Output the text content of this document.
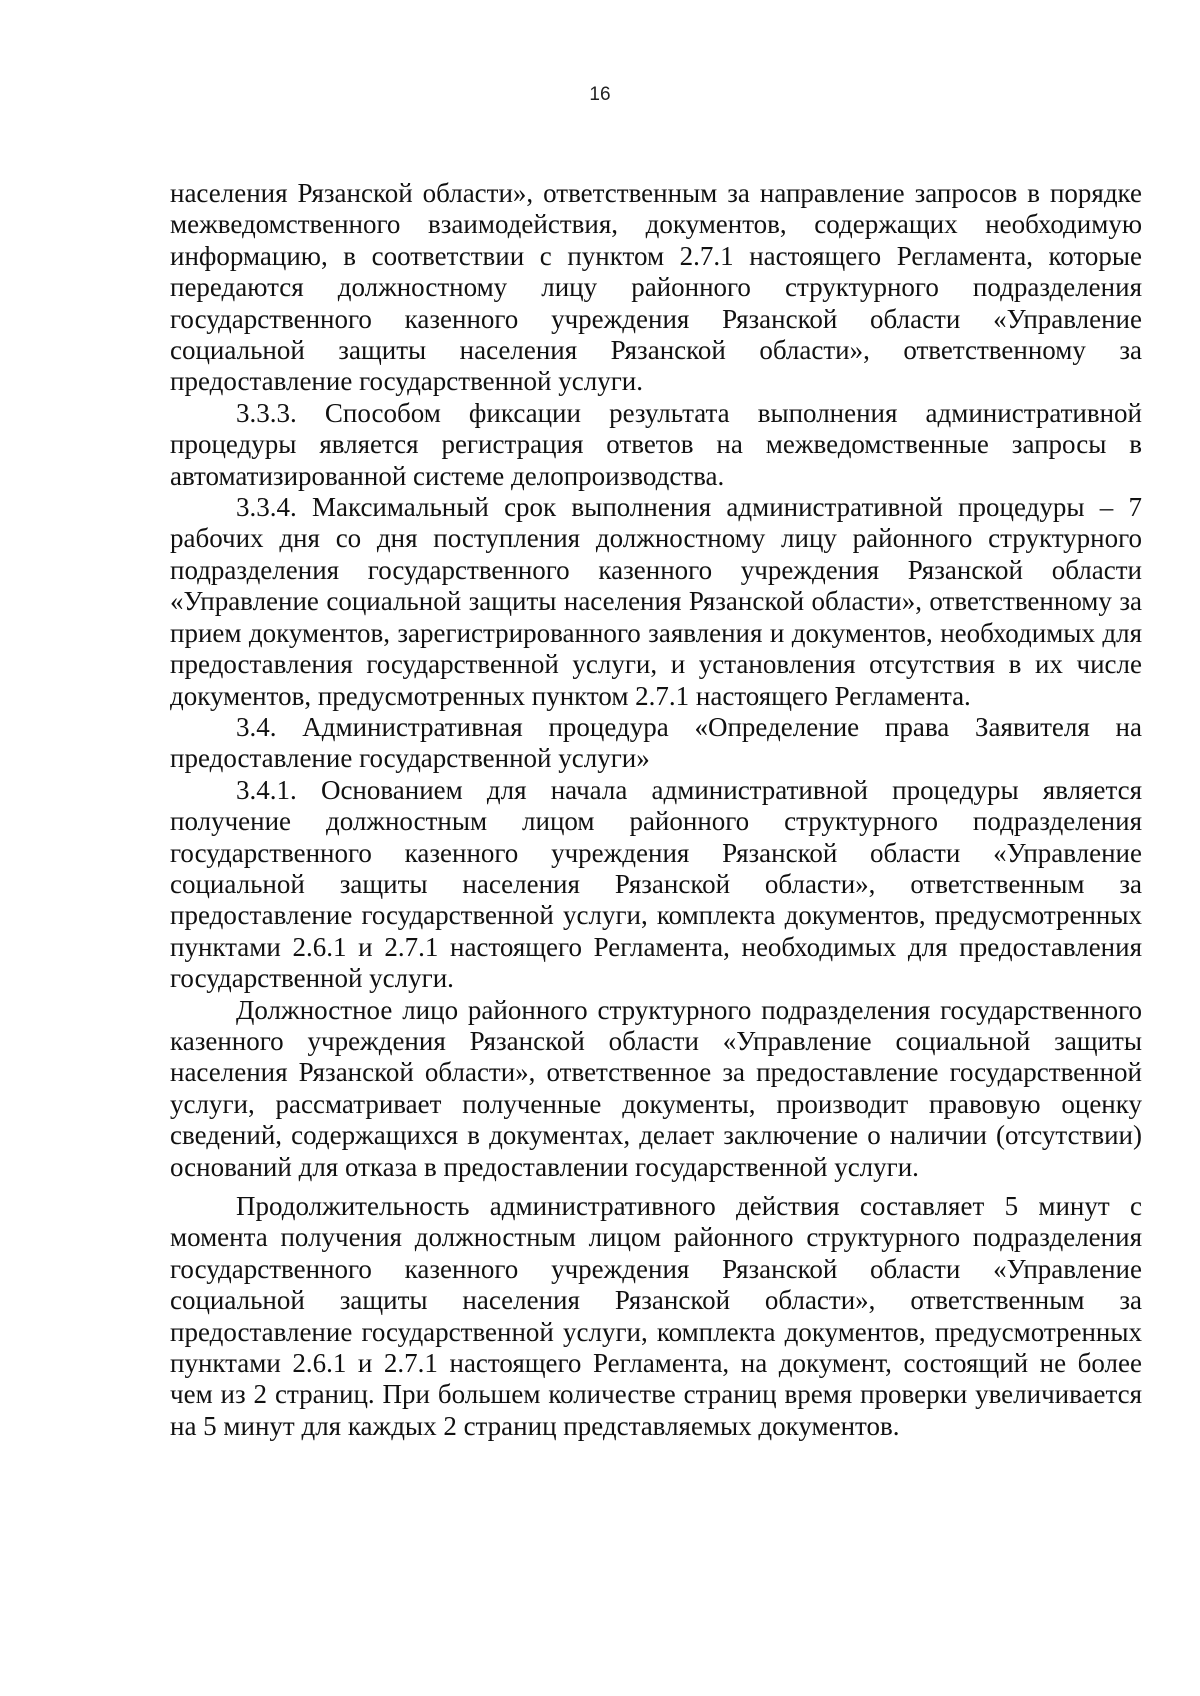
16

населения Рязанской области», ответственным за направление запросов в порядке межведомственного взаимодействия, документов, содержащих необходимую информацию, в соответствии с пунктом 2.7.1 настоящего Регламента, которые передаются должностному лицу районного структурного подразделения государственного казенного учреждения Рязанской области «Управление социальной защиты населения Рязанской области», ответственному за предоставление государственной услуги.

3.3.3. Способом фиксации результата выполнения административной процедуры является регистрация ответов на межведомственные запросы в автоматизированной системе делопроизводства.

3.3.4. Максимальный срок выполнения административной процедуры – 7 рабочих дня со дня поступления должностному лицу районного структурного подразделения государственного казенного учреждения Рязанской области «Управление социальной защиты населения Рязанской области», ответственному за прием документов, зарегистрированного заявления и документов, необходимых для предоставления государственной услуги, и установления отсутствия в их числе документов, предусмотренных пунктом 2.7.1 настоящего Регламента.

3.4. Административная процедура «Определение права Заявителя на предоставление государственной услуги»

3.4.1. Основанием для начала административной процедуры является получение должностным лицом районного структурного подразделения государственного казенного учреждения Рязанской области «Управление социальной защиты населения Рязанской области», ответственным за предоставление государственной услуги, комплекта документов, предусмотренных пунктами 2.6.1 и 2.7.1 настоящего Регламента, необходимых для предоставления государственной услуги.

Должностное лицо районного структурного подразделения государственного казенного учреждения Рязанской области «Управление социальной защиты населения Рязанской области», ответственное за предоставление государственной услуги, рассматривает полученные документы, производит правовую оценку сведений, содержащихся в документах, делает заключение о наличии (отсутствии) оснований для отказа в предоставлении государственной услуги.

Продолжительность административного действия составляет 5 минут с момента получения должностным лицом районного структурного подразделения государственного казенного учреждения Рязанской области «Управление социальной защиты населения Рязанской области», ответственным за предоставление государственной услуги, комплекта документов, предусмотренных пунктами 2.6.1 и 2.7.1 настоящего Регламента, на документ, состоящий не более чем из 2 страниц. При большем количестве страниц время проверки увеличивается на 5 минут для каждых 2 страниц представляемых документов.
